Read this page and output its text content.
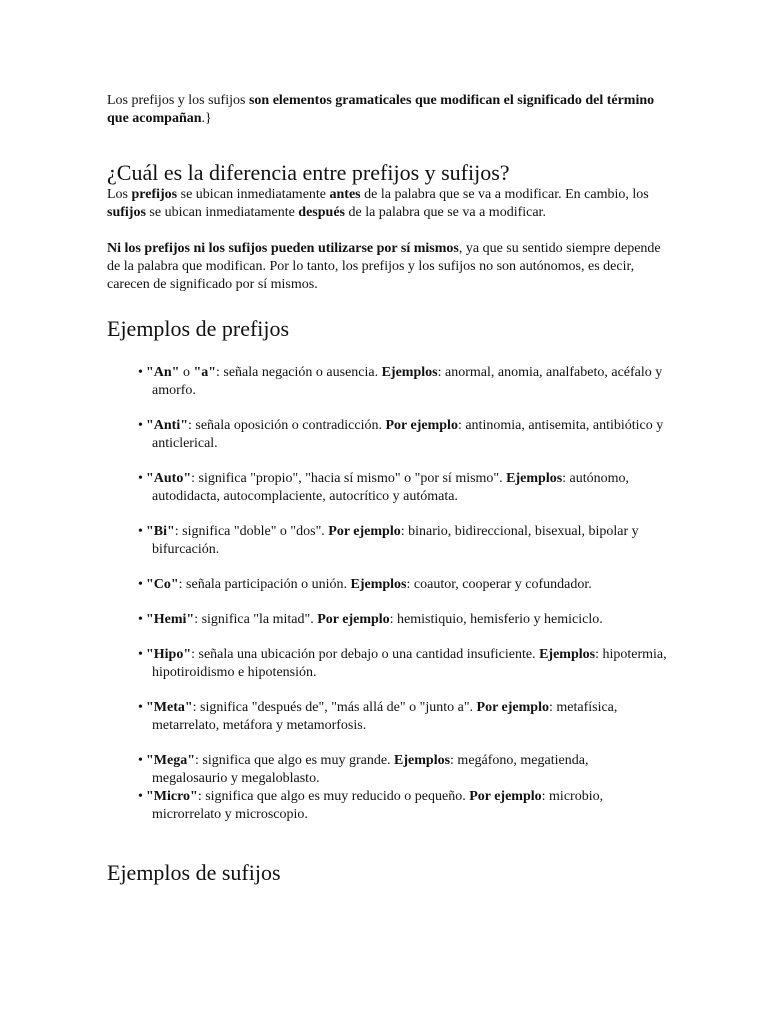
Los prefijos y los sufijos son elementos gramaticales que modifican el significado del término que acompañan.}

¿Cuál es la diferencia entre prefijos y sufijos?

Los prefijos se ubican inmediatamente antes de la palabra que se va a modificar. En cambio, los sufijos se ubican inmediatamente después de la palabra que se va a modificar.

Ni los prefijos ni los sufijos pueden utilizarse por sí mismos, ya que su sentido siempre depende de la palabra que modifican. Por lo tanto, los prefijos y los sufijos no son autónomos, es decir, carecen de significado por sí mismos.

Ejemplos de prefijos
• "An" o "a": señala negación o ausencia. Ejemplos: anormal, anomia, analfabeto, acéfalo y amorfo.
• "Anti": señala oposición o contradicción. Por ejemplo: antinomia, antisemita, antibiótico y anticlerical.
• "Auto": significa "propio", "hacia sí mismo" o "por sí mismo". Ejemplos: autónomo, autodidacta, autocomplaciente, autocrítico y autómata.
• "Bi": significa "doble" o "dos". Por ejemplo: binario, bidireccional, bisexual, bipolar y bifurcación.
• "Co": señala participación o unión. Ejemplos: coautor, cooperar y cofundador.
• "Hemi": significa "la mitad". Por ejemplo: hemistiquio, hemisferio y hemiciclo.
• "Hipo": señala una ubicación por debajo o una cantidad insuficiente. Ejemplos: hipotermia, hipotiroidismo e hipotensión.
• "Meta": significa "después de", "más allá de" o "junto a". Por ejemplo: metafísica, metarrelato, metáfora y metamorfosis.
• "Mega": significa que algo es muy grande. Ejemplos: megáfono, megatienda, megalosaurio y megaloblasto.
• "Micro": significa que algo es muy reducido o pequeño. Por ejemplo: microbio, microrrelato y microscopio.
Ejemplos de sufijos
